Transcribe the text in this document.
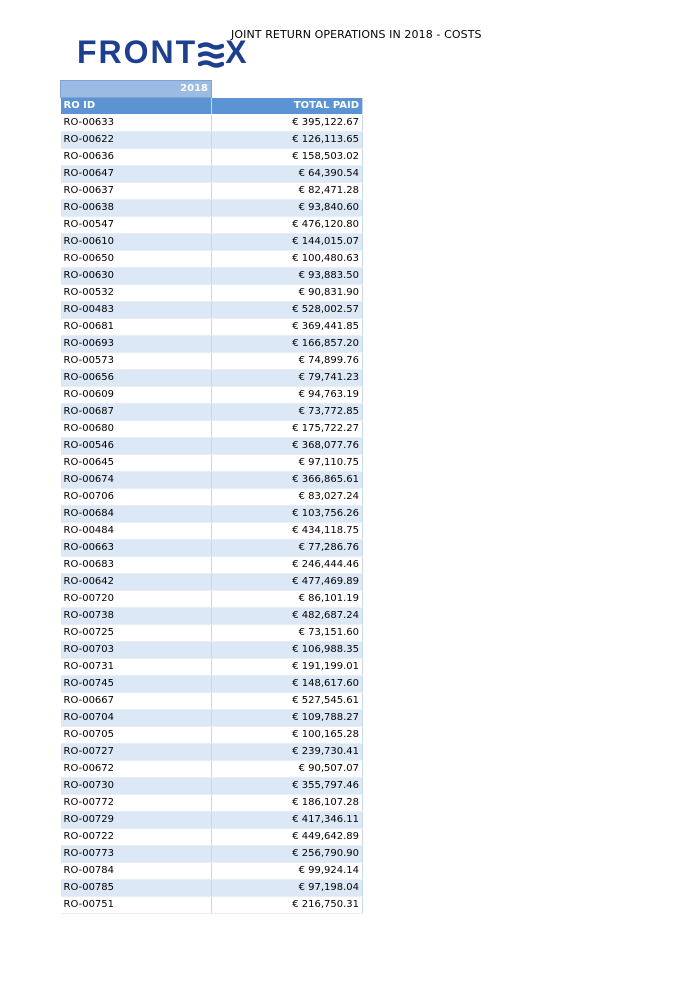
JOINT RETURN OPERATIONS IN 2018 - COSTS
FRONT X
2018	
RO ID	TOTAL PAID
RO-00633	€ 395,122.67
RO-00622	€ 126,113.65
RO-00636	€ 158,503.02
RO-00647	€ 64,390.54
RO-00637	€ 82,471.28
RO-00638	€ 93,840.60
RO-00547	€ 476,120.80
RO-00610	€ 144,015.07
RO-00650	€ 100,480.63
RO-00630	€ 93,883.50
RO-00532	€ 90,831.90
RO-00483	€ 528,002.57
RO-00681	€ 369,441.85
RO-00693	€ 166,857.20
RO-00573	€ 74,899.76
RO-00656	€ 79,741.23
RO-00609	€ 94,763.19
RO-00687	€ 73,772.85
RO-00680	€ 175,722.27
RO-00546	€ 368,077.76
RO-00645	€ 97,110.75
RO-00674	€ 366,865.61
RO-00706	€ 83,027.24
RO-00684	€ 103,756.26
RO-00484	€ 434,118.75
RO-00663	€ 77,286.76
RO-00683	€ 246,444.46
RO-00642	€ 477,469.89
RO-00720	€ 86,101.19
RO-00738	€ 482,687.24
RO-00725	€ 73,151.60
RO-00703	€ 106,988.35
RO-00731	€ 191,199.01
RO-00745	€ 148,617.60
RO-00667	€ 527,545.61
RO-00704	€ 109,788.27
RO-00705	€ 100,165.28
RO-00727	€ 239,730.41
RO-00672	€ 90,507.07
RO-00730	€ 355,797.46
RO-00772	€ 186,107.28
RO-00729	€ 417,346.11
RO-00722	€ 449,642.89
RO-00773	€ 256,790.90
RO-00784	€ 99,924.14
RO-00785	€ 97,198.04
RO-00751	€ 216,750.31
